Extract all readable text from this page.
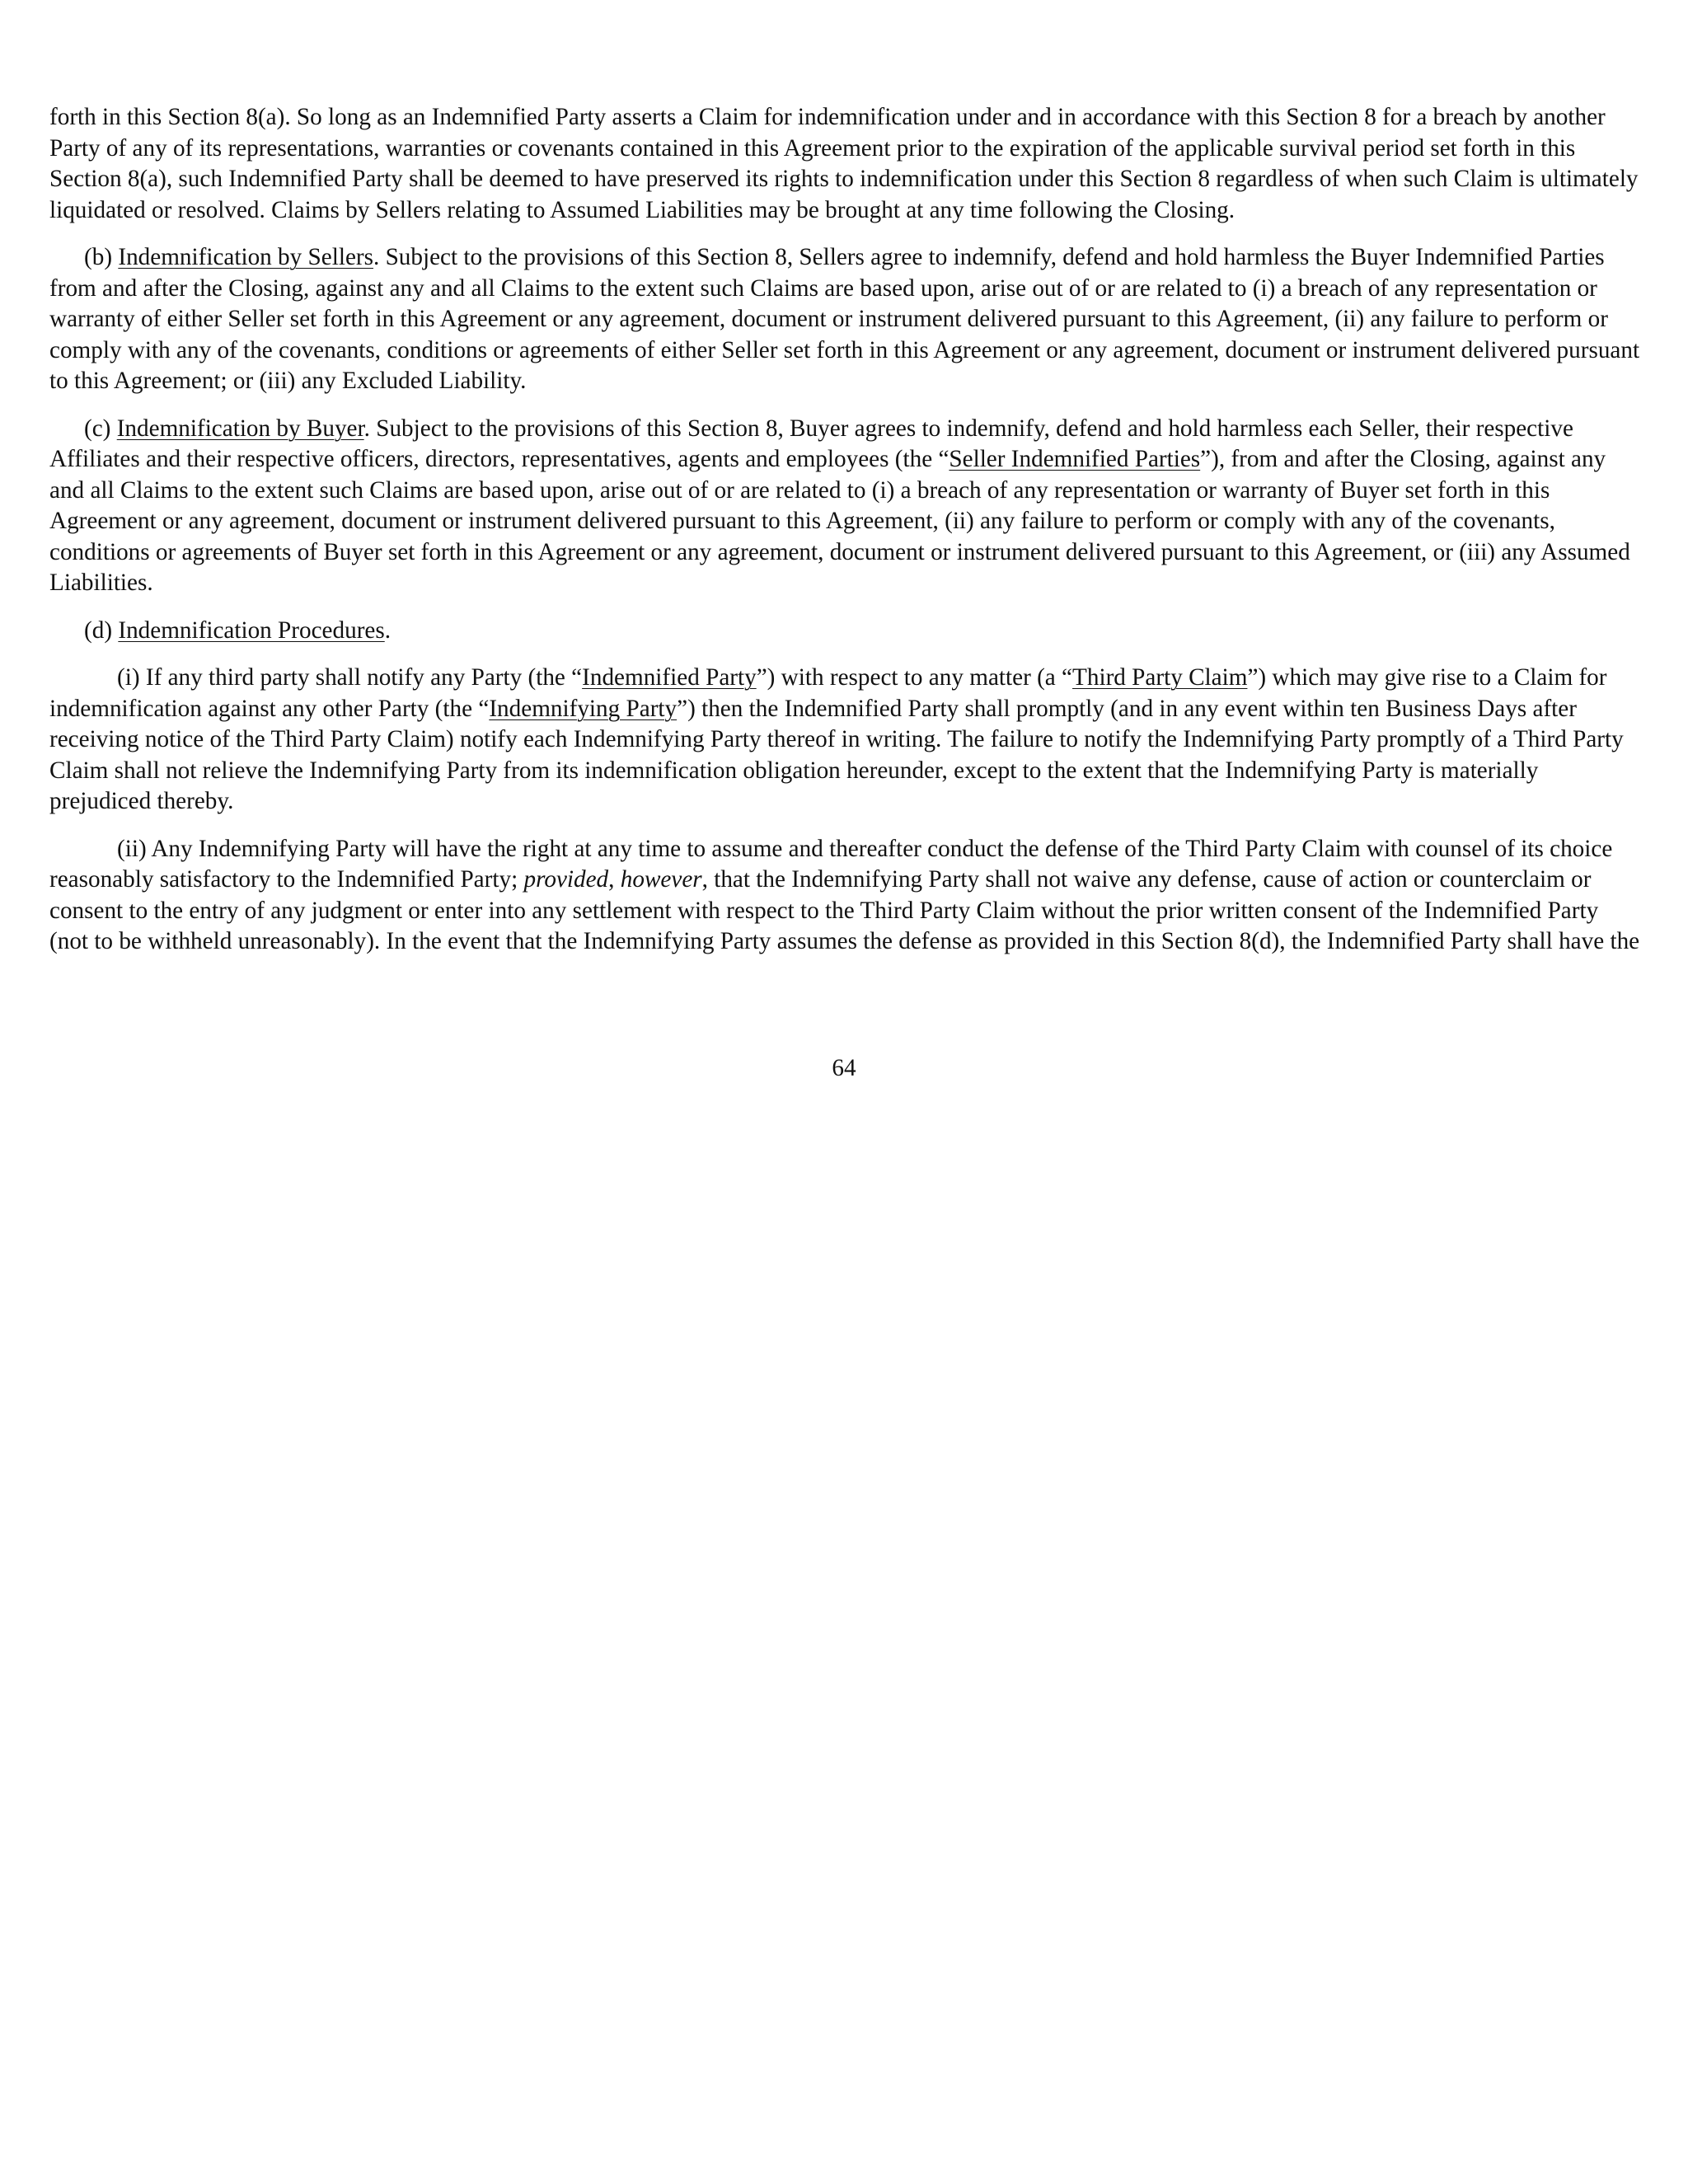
forth in this Section 8(a). So long as an Indemnified Party asserts a Claim for indemnification under and in accordance with this Section 8 for a breach by another Party of any of its representations, warranties or covenants contained in this Agreement prior to the expiration of the applicable survival period set forth in this Section 8(a), such Indemnified Party shall be deemed to have preserved its rights to indemnification under this Section 8 regardless of when such Claim is ultimately liquidated or resolved. Claims by Sellers relating to Assumed Liabilities may be brought at any time following the Closing.

(b) Indemnification by Sellers. Subject to the provisions of this Section 8, Sellers agree to indemnify, defend and hold harmless the Buyer Indemnified Parties from and after the Closing, against any and all Claims to the extent such Claims are based upon, arise out of or are related to (i) a breach of any representation or warranty of either Seller set forth in this Agreement or any agreement, document or instrument delivered pursuant to this Agreement, (ii) any failure to perform or comply with any of the covenants, conditions or agreements of either Seller set forth in this Agreement or any agreement, document or instrument delivered pursuant to this Agreement; or (iii) any Excluded Liability.

(c) Indemnification by Buyer. Subject to the provisions of this Section 8, Buyer agrees to indemnify, defend and hold harmless each Seller, their respective Affiliates and their respective officers, directors, representatives, agents and employees (the “Seller Indemnified Parties”), from and after the Closing, against any and all Claims to the extent such Claims are based upon, arise out of or are related to (i) a breach of any representation or warranty of Buyer set forth in this Agreement or any agreement, document or instrument delivered pursuant to this Agreement, (ii) any failure to perform or comply with any of the covenants, conditions or agreements of Buyer set forth in this Agreement or any agreement, document or instrument delivered pursuant to this Agreement, or (iii) any Assumed Liabilities.

(d) Indemnification Procedures.

(i) If any third party shall notify any Party (the “Indemnified Party”) with respect to any matter (a “Third Party Claim”) which may give rise to a Claim for indemnification against any other Party (the “Indemnifying Party”) then the Indemnified Party shall promptly (and in any event within ten Business Days after receiving notice of the Third Party Claim) notify each Indemnifying Party thereof in writing. The failure to notify the Indemnifying Party promptly of a Third Party Claim shall not relieve the Indemnifying Party from its indemnification obligation hereunder, except to the extent that the Indemnifying Party is materially prejudiced thereby.

(ii) Any Indemnifying Party will have the right at any time to assume and thereafter conduct the defense of the Third Party Claim with counsel of its choice reasonably satisfactory to the Indemnified Party; provided, however, that the Indemnifying Party shall not waive any defense, cause of action or counterclaim or consent to the entry of any judgment or enter into any settlement with respect to the Third Party Claim without the prior written consent of the Indemnified Party (not to be withheld unreasonably). In the event that the Indemnifying Party assumes the defense as provided in this Section 8(d), the Indemnified Party shall have the

64
